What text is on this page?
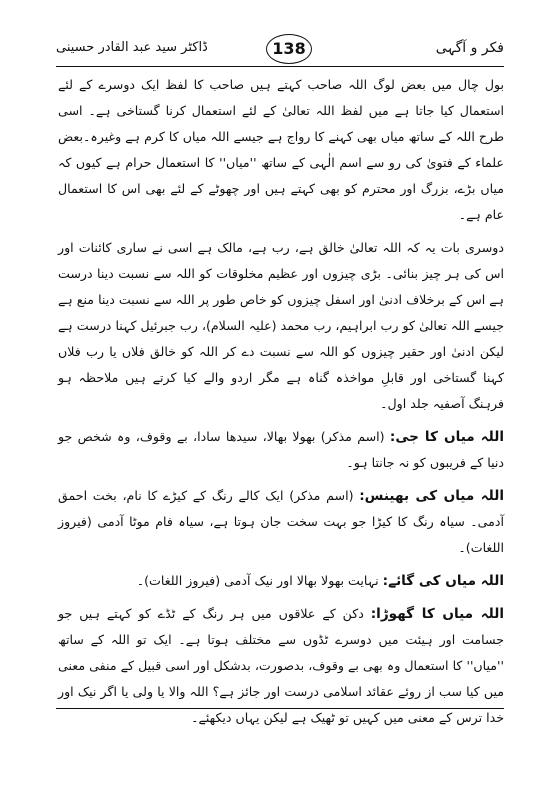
فکر و آگہی
138
ڈاکٹر سید عبد القادر حسینی

بول چال میں بعض لوگ اللہ صاحب کہتے ہیں صاحب کا لفظ ایک دوسرے کے لئے استعمال کیا جاتا ہے میں لفظ اللہ تعالیٰ کے لئے استعمال کرنا گستاخی ہے۔ اسی طرح اللہ کے ساتھ میاں بھی کہنے کا رواج ہے جیسے اللہ میاں کا کرم ہے وغیرہ۔بعض علماء کے فتویٰ کی رو سے اسم الٰہی کے ساتھ ''میاں'' کا استعمال حرام ہے کیوں کہ میاں بڑے، بزرگ اور محترم کو بھی کہتے ہیں اور چھوٹے کے لئے بھی اس کا استعمال عام ہے۔

دوسری بات یہ کہ اللہ تعالیٰ خالق ہے، رب ہے، مالک ہے اسی نے ساری کائنات اور اس کی ہر چیز بنائی۔ بڑی چیزوں اور عظیم مخلوقات کو اللہ سے نسبت دینا درست ہے اس کے برخلاف ادنیٰ اور اسفل چیزوں کو خاص طور پر اللہ سے نسبت دینا منع ہے جیسے اللہ تعالیٰ کو رب ابراہیم، رب محمد (علیہ السلام)، رب جبرئیل کہنا درست ہے لیکن ادنیٰ اور حقیر چیزوں کو اللہ سے نسبت دے کر اللہ کو خالق فلاں یا رب فلاں کہنا گستاخی اور قابلِ مواخذہ گناہ ہے مگر اردو والے کیا کرتے ہیں ملاحظہ ہو فرہنگ آصفیہ جلد اول۔

اللہ میاں کا جی: (اسم مذکر) بھولا بھالا، سیدھا سادا، بے وقوف، وہ شخص جو دنیا کے فریبوں کو نہ جانتا ہو۔

اللہ میاں کی بھینس: (اسم مذکر) ایک کالے رنگ کے کیڑے کا نام، بخت احمق آدمی۔ سیاہ رنگ کا کیڑا جو بہت سخت جان ہوتا ہے، سیاہ فام موٹا آدمی (فیروز اللغات)۔

اللہ میاں کی گائے: نہایت بھولا بھالا اور نیک آدمی (فیروز اللغات)۔

اللہ میاں کا گھوڑا: دکن کے علاقوں میں ہر رنگ کے ٹڈے کو کہتے ہیں جو جسامت اور ہیئت میں دوسرے ٹڈوں سے مختلف ہوتا ہے۔ ایک تو اللہ کے ساتھ ''میاں'' کا استعمال وہ بھی بے وقوف، بدصورت، بدشکل اور اسی قبیل کے منفی معنی میں کیا سب از روئے عقائد اسلامی درست اور جائز ہے؟ اللہ والا یا ولی یا اگر نیک اور خدا ترس کے معنی میں کہیں تو ٹھیک ہے لیکن یہاں دیکھئے۔
